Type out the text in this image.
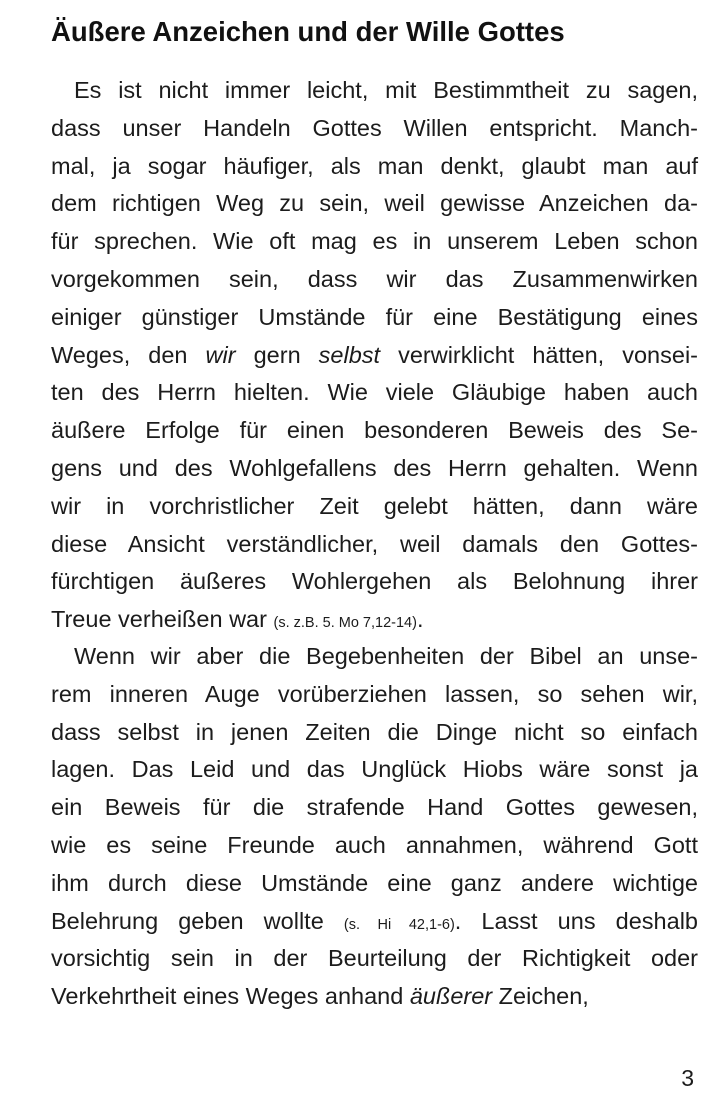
Äußere Anzeichen und der Wille Gottes
Es ist nicht immer leicht, mit Bestimmtheit zu sagen,
dass unser Handeln Gottes Willen entspricht. Manch-
mal, ja sogar häufiger, als man denkt, glaubt man auf
dem richtigen Weg zu sein, weil gewisse Anzeichen da-
für sprechen. Wie oft mag es in unserem Leben schon
vorgekommen sein, dass wir das Zusammenwirken
einiger günstiger Umstände für eine Bestätigung eines
Weges, den wir gern selbst verwirklicht hätten, vonsei-
ten des Herrn hielten. Wie viele Gläubige haben auch
äußere Erfolge für einen besonderen Beweis des Se-
gens und des Wohlgefallens des Herrn gehalten. Wenn
wir in vorchristlicher Zeit gelebt hätten, dann wäre
diese Ansicht verständlicher, weil damals den Gottes-
fürchtigen äußeres Wohlergehen als Belohnung ihrer
Treue verheißen war (s. z.B. 5. Mo 7,12-14).
Wenn wir aber die Begebenheiten der Bibel an unse-
rem inneren Auge vorüberziehen lassen, so sehen wir,
dass selbst in jenen Zeiten die Dinge nicht so einfach
lagen. Das Leid und das Unglück Hiobs wäre sonst ja
ein Beweis für die strafende Hand Gottes gewesen,
wie es seine Freunde auch annahmen, während Gott
ihm durch diese Umstände eine ganz andere wichtige
Belehrung geben wollte (s. Hi 42,1-6). Lasst uns deshalb
vorsichtig sein in der Beurteilung der Richtigkeit oder
Verkehrtheit eines Weges anhand äußerer Zeichen,
3
